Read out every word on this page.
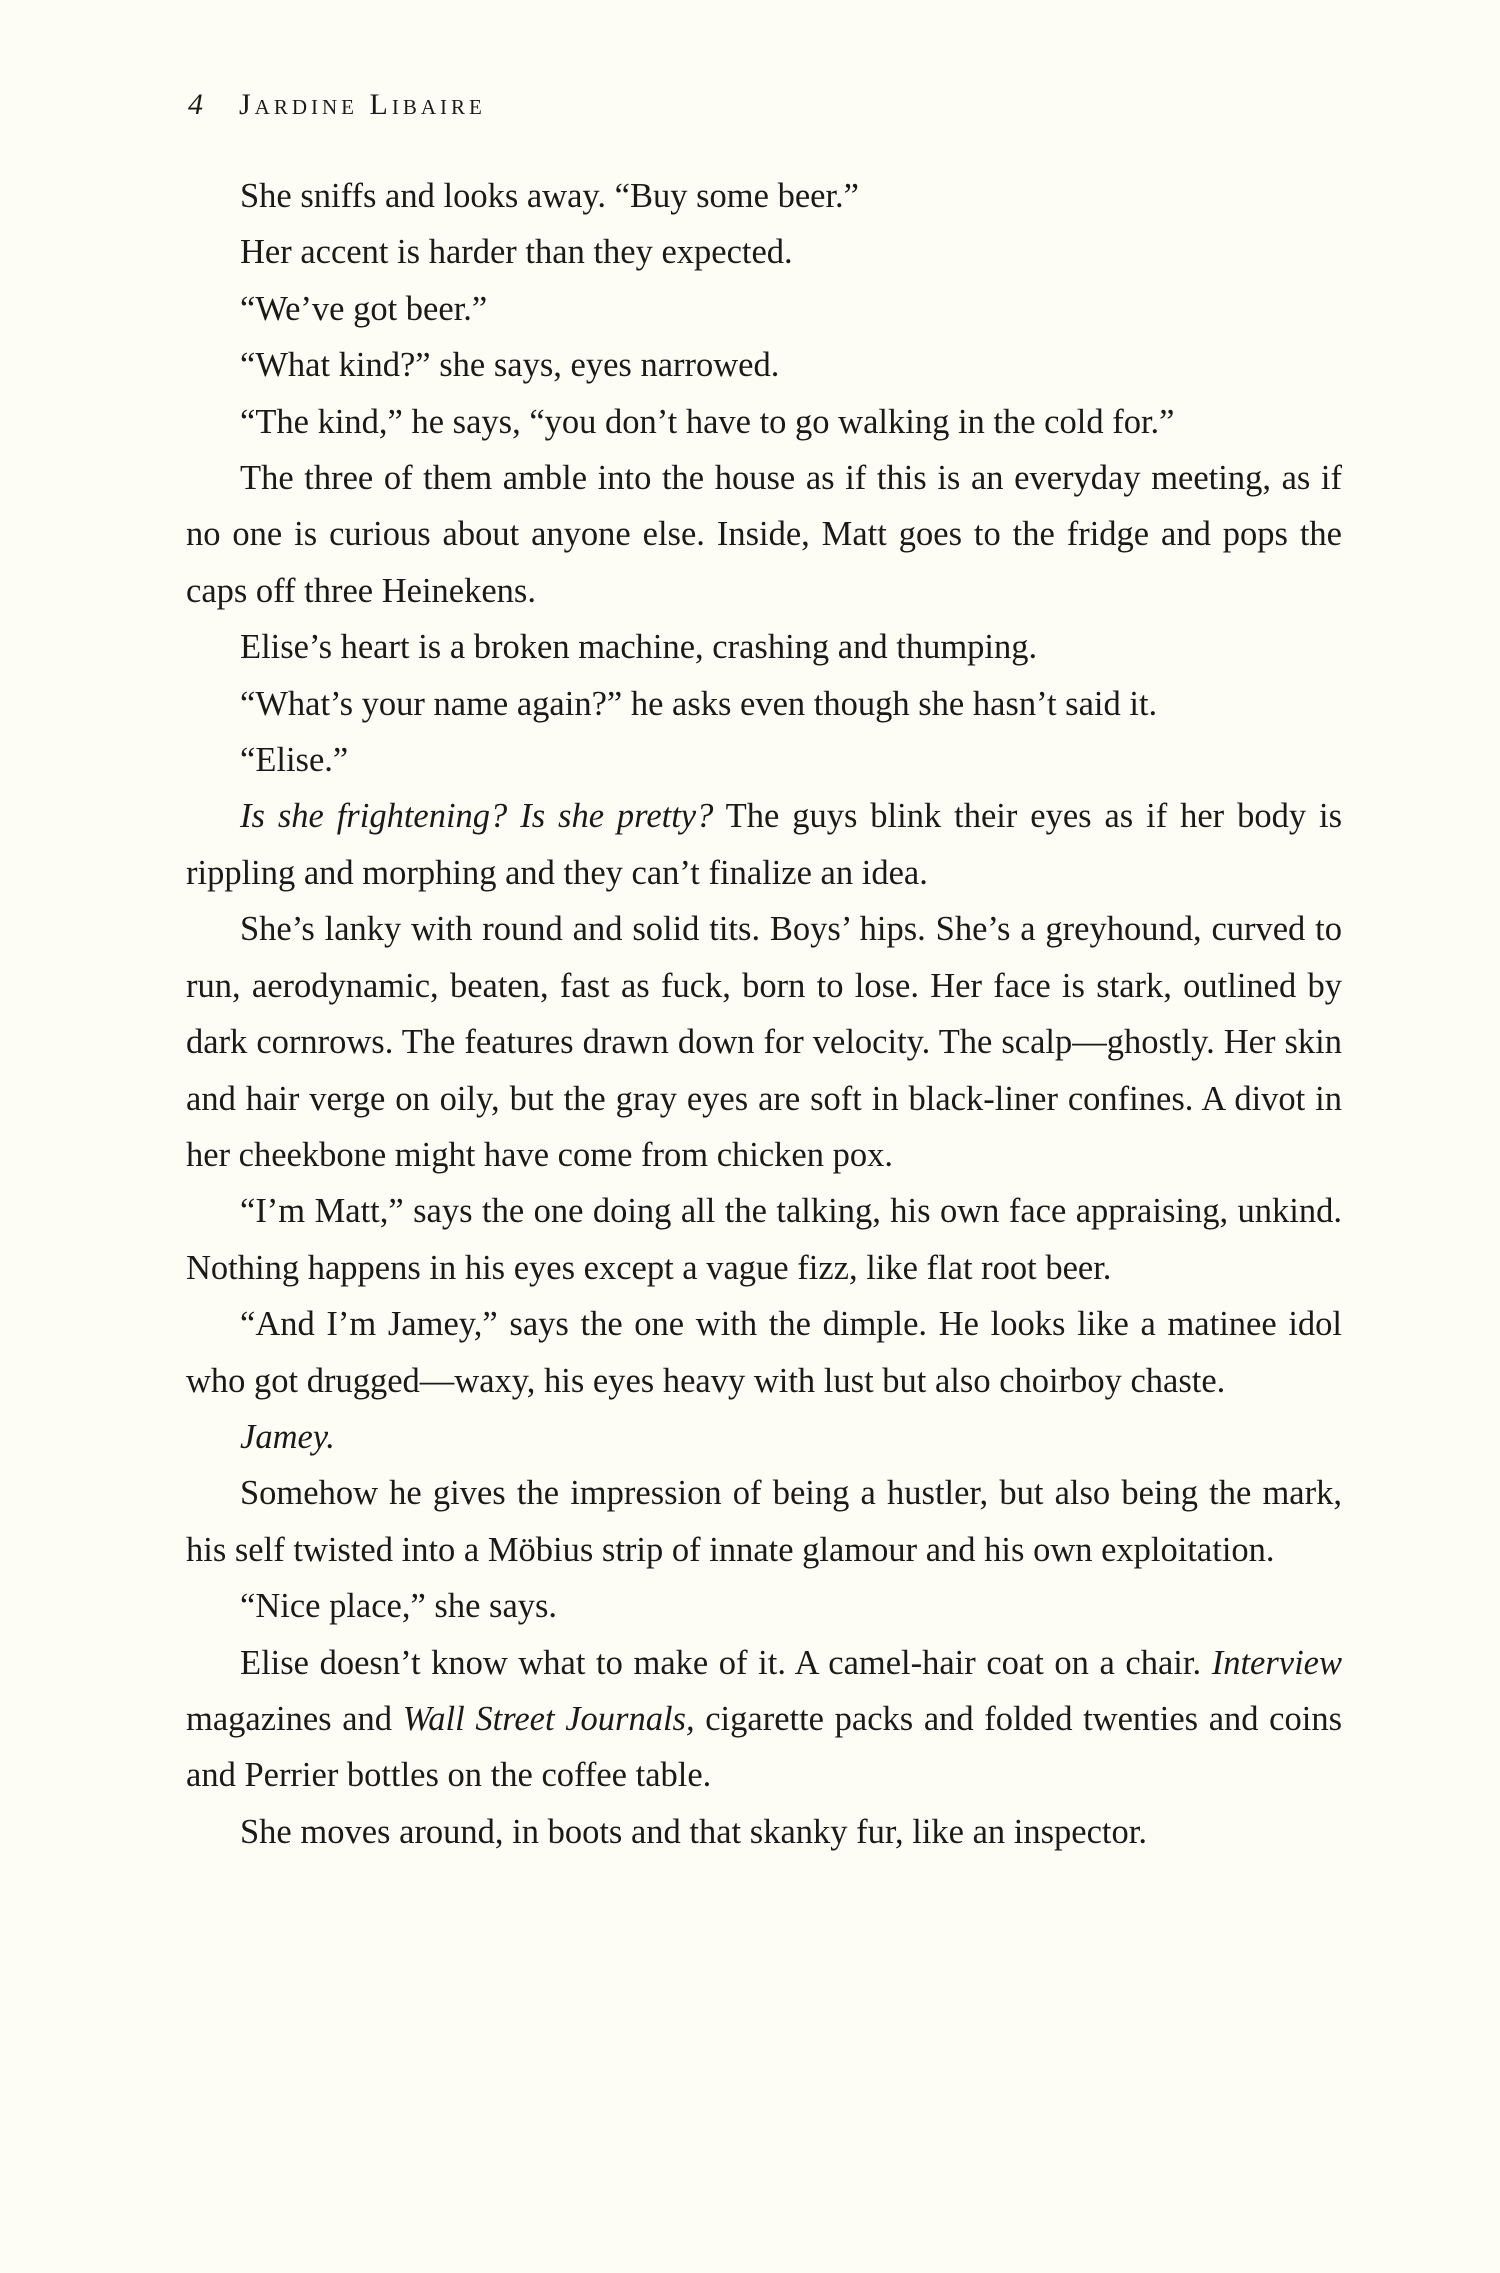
4 Jardine Libaire

She sniffs and looks away. “Buy some beer.”

Her accent is harder than they expected.

“We’ve got beer.”

“What kind?” she says, eyes narrowed.

“The kind,” he says, “you don’t have to go walking in the cold for.”

The three of them amble into the house as if this is an everyday meeting, as if no one is curious about anyone else. Inside, Matt goes to the fridge and pops the caps off three Heinekens.

Elise’s heart is a broken machine, crashing and thumping.

“What’s your name again?” he asks even though she hasn’t said it.

“Elise.”

Is she frightening? Is she pretty? The guys blink their eyes as if her body is rippling and morphing and they can’t finalize an idea.

She’s lanky with round and solid tits. Boys’ hips. She’s a greyhound, curved to run, aerodynamic, beaten, fast as fuck, born to lose. Her face is stark, outlined by dark cornrows. The features drawn down for velocity. The scalp—ghostly. Her skin and hair verge on oily, but the gray eyes are soft in black-liner confines. A divot in her cheekbone might have come from chicken pox.

“I’m Matt,” says the one doing all the talking, his own face appraising, unkind. Nothing happens in his eyes except a vague fizz, like flat root beer.

“And I’m Jamey,” says the one with the dimple. He looks like a matinee idol who got drugged—waxy, his eyes heavy with lust but also choirboy chaste.

Jamey.

Somehow he gives the impression of being a hustler, but also being the mark, his self twisted into a Möbius strip of innate glamour and his own exploitation.

“Nice place,” she says.

Elise doesn’t know what to make of it. A camel-hair coat on a chair. Interview magazines and Wall Street Journals, cigarette packs and folded twenties and coins and Perrier bottles on the coffee table.

She moves around, in boots and that skanky fur, like an inspector.
